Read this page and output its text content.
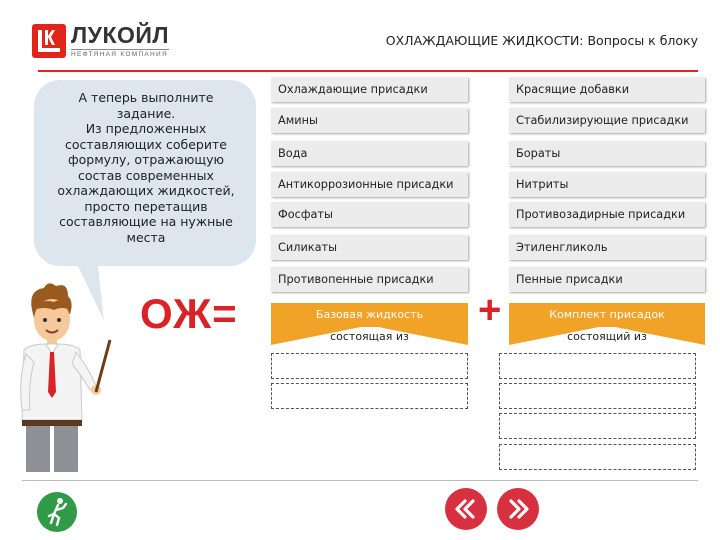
ЛУКОЙЛ
НЕФТЯНАЯ КОМПАНИЯ
ОХЛАЖДАЮЩИЕ ЖИДКОСТИ: Вопросы к блоку
А теперь выполните
задание.
Из предложенных
составляющих соберите
формулу, отражающую
состав современных
охлаждающих жидкостей,
просто перетащив
составляющие на нужные
места
ОЖ=
Охлаждающие присадки
Амины
Вода
Антикоррозионные присадки
Фосфаты
Силикаты
Противопенные присадки
Красящие добавки
Стабилизирующие присадки
Бораты
Нитриты
Противозадирные присадки
Этиленгликоль
Пенные присадки
Базовая жидкость
состоящая из
+	Комплект присадок
состоящий из
